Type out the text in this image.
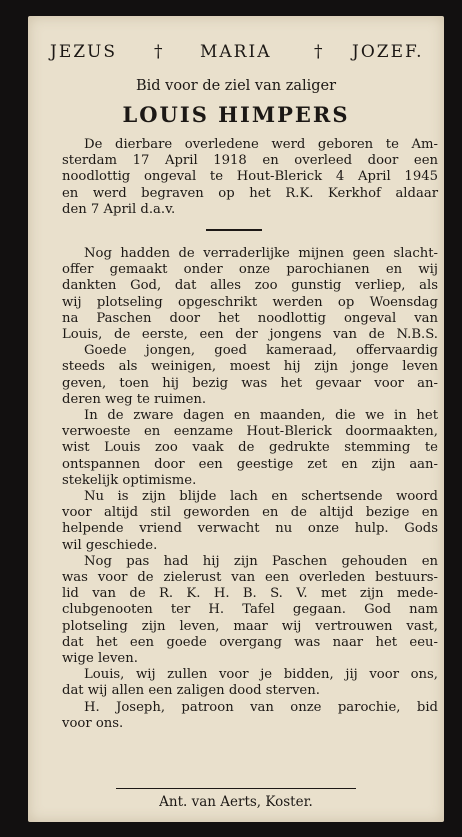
JEZUS † MARIA	† JOZEF.
Bid voor de ziel van zaliger
LOUIS HIMPERS

De dierbare overledene werd geboren te Am-

sterdam 17 April 1918 en overleed door een

noodlottig ongeval te Hout-Blerick 4 April 1945

en werd begraven op het R.K. Kerkhof aldaar

den 7 April d.a.v.

Nog hadden de verraderlijke mijnen geen slacht-

offer gemaakt onder onze parochianen en wij

dankten God, dat alles zoo gunstig verliep, als

wij plotseling opgeschrikt werden op Woensdag

na Paschen door het noodlottig ongeval van

Louis, de eerste, een der jongens van de N.B.S.

Goede jongen, goed kameraad, offervaardig

steeds als weinigen, moest hij zijn jonge leven

geven, toen hij bezig was het gevaar voor an-

deren weg te ruimen.

In de zware dagen en maanden, die we in het

verwoeste en eenzame Hout-Blerick doormaakten,

wist Louis zoo vaak de gedrukte stemming te

ontspannen door een geestige zet en zijn aan-

stekelijk optimisme.

Nu is zijn blijde lach en schertsende woord

voor altijd stil geworden en de altijd bezige en

helpende vriend verwacht nu onze hulp. Gods

wil geschiede.

Nog pas had hij zijn Paschen gehouden en

was voor de zielerust van een overleden bestuurs-

lid van de R. K. H. B. S. V. met zijn mede-

clubgenooten ter H. Tafel gegaan. God nam

plotseling zijn leven, maar wij vertrouwen vast,

dat het een goede overgang was naar het eeu-

wige leven.

Louis, wij zullen voor je bidden, jij voor ons,

dat wij allen een zaligen dood sterven.

H. Joseph, patroon van onze parochie, bid

voor ons.

Ant. van Aerts, Koster.
